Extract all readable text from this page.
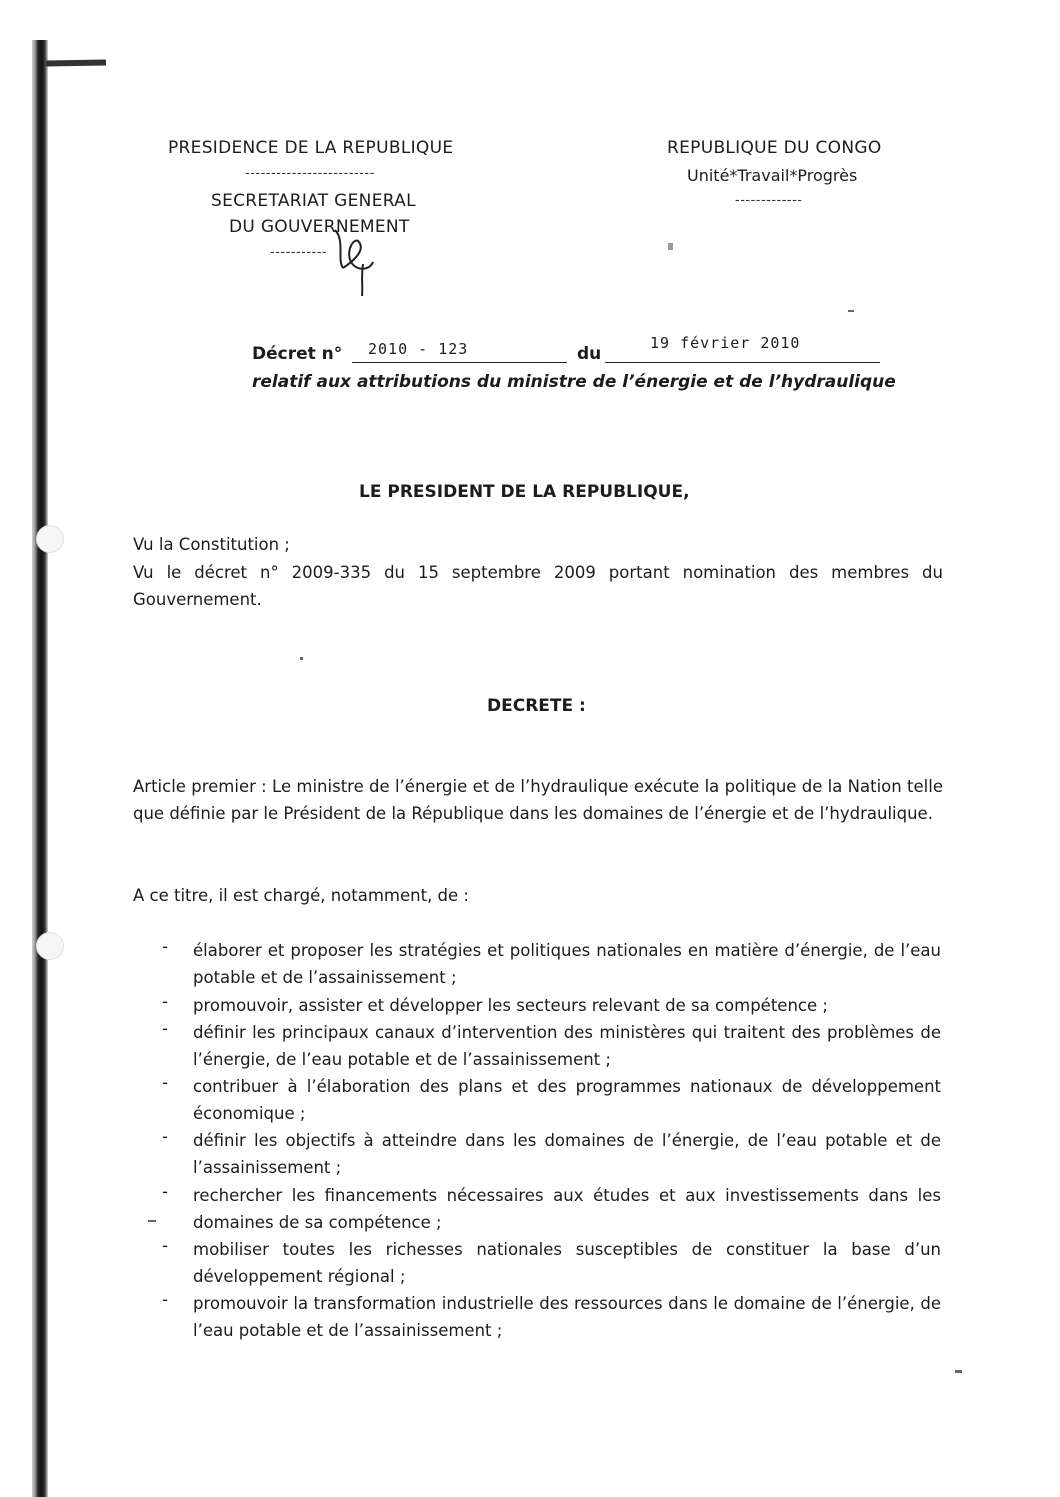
PRESIDENCE DE LA REPUBLIQUE
-------------------------
SECRETARIAT GENERAL
DU GOUVERNEMENT
-----------
REPUBLIQUE DU CONGO
Unité*Travail*Progrès
-------------
Décret n° 2010 - 123	du
19 février 2010
relatif aux attributions du ministre de l’énergie et de l’hydraulique
LE PRESIDENT DE LA REPUBLIQUE,
Vu la Constitution ;
Vu le décret n° 2009-335 du 15 septembre 2009 portant nomination des membres du Gouvernement.
DECRETE :
Article premier : Le ministre de l’énergie et de l’hydraulique exécute la politique de la Nation telle que définie par le Président de la République dans les domaines de l’énergie et de l’hydraulique.
A ce titre, il est chargé, notamment, de :
- élaborer et proposer les stratégies et politiques nationales en matière d’énergie, de l’eau potable et de l’assainissement ;
- promouvoir, assister et développer les secteurs relevant de sa compétence ;
- définir les principaux canaux d’intervention des ministères qui traitent des problèmes de l’énergie, de l’eau potable et de l’assainissement ;
- contribuer à l’élaboration des plans et des programmes nationaux de développement économique ;
- définir les objectifs à atteindre dans les domaines de l’énergie, de l’eau potable et de l’assainissement ;
- rechercher les financements nécessaires aux études et aux investissements dans les domaines de sa compétence ;
- mobiliser toutes les richesses nationales susceptibles de constituer la base d’un développement régional ;
- promouvoir la transformation industrielle des ressources dans le domaine de l’énergie, de l’eau potable et de l’assainissement ;
